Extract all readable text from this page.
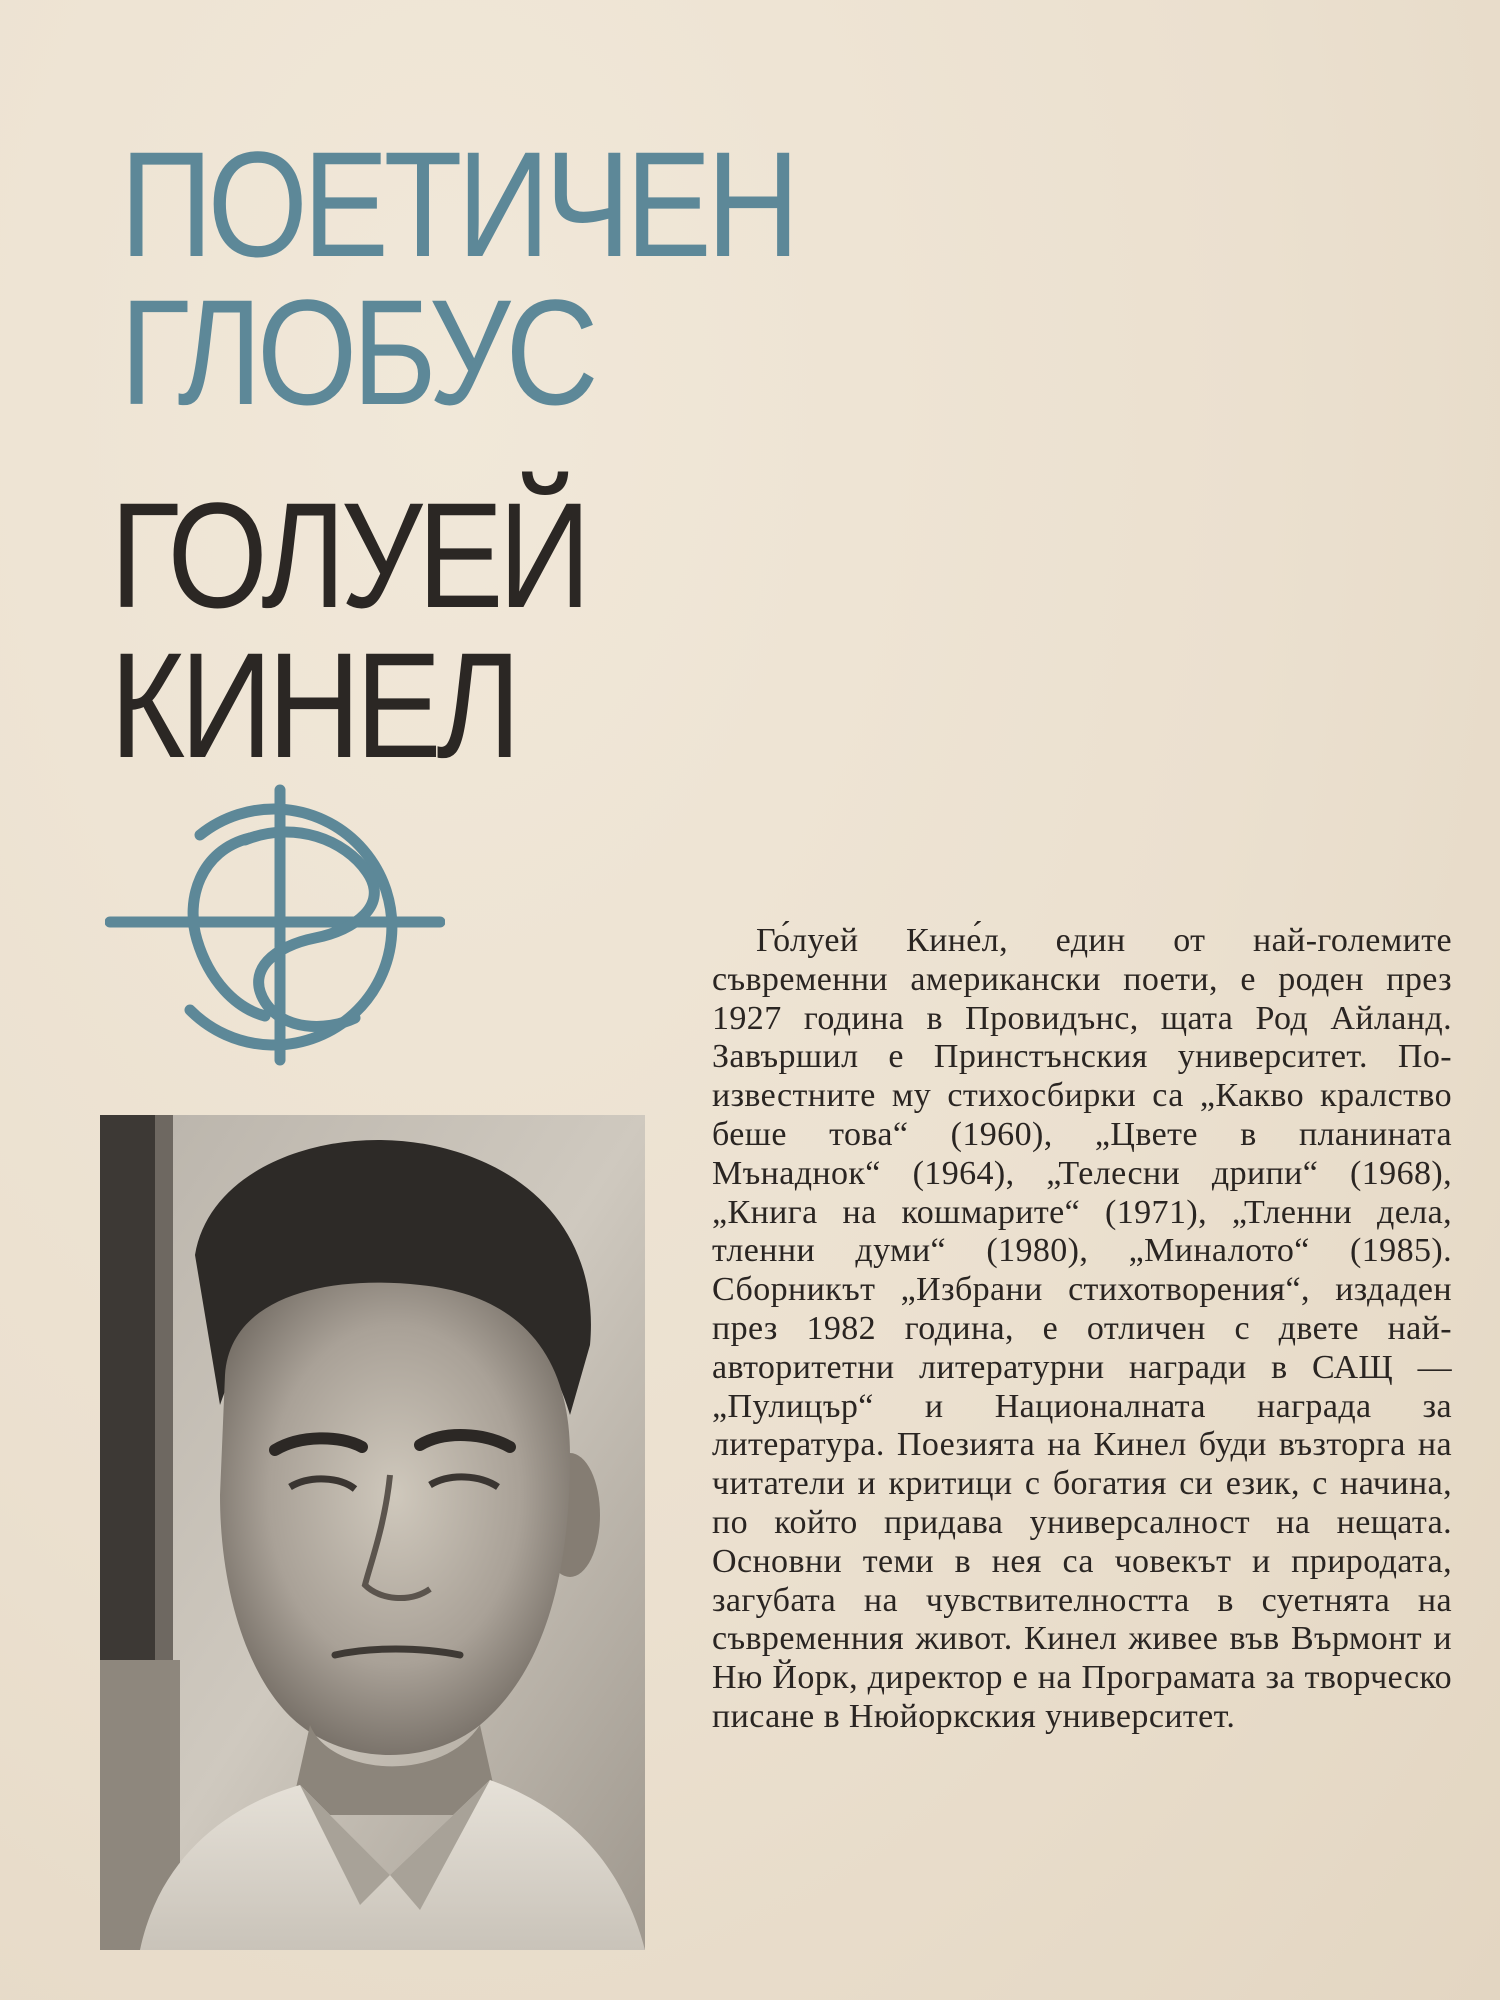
ПОЕТИЧЕН
ГЛОБУС
ГОЛУЕЙ
КИНЕЛ

Го́луей Кине́л, един от най-големите съвременни американски поети, е роден през 1927 година в Провидънс, щата Род Айланд. Завършил е Принстънския университет. По-известните му стихосбирки са „Какво кралство беше това“ (1960), „Цвете в планината Мънаднок“ (1964), „Телесни дрипи“ (1968), „Книга на кошмарите“ (1971), „Тленни дела, тленни думи“ (1980), „Миналото“ (1985). Сборникът „Избрани стихотворения“, издаден през 1982 година, е отличен с двете най-авторитетни литературни награди в САЩ — „Пулицър“ и Националната награда за литература. Поезията на Кинел буди възторга на читатели и критици с богатия си език, с начина, по който придава универсалност на нещата. Основни теми в нея са човекът и природата, загубата на чувствителността в суетнята на съвременния живот. Кинел живее във Върмонт и Ню Йорк, директор е на Програмата за творческо писане в Нюйоркския университет.
